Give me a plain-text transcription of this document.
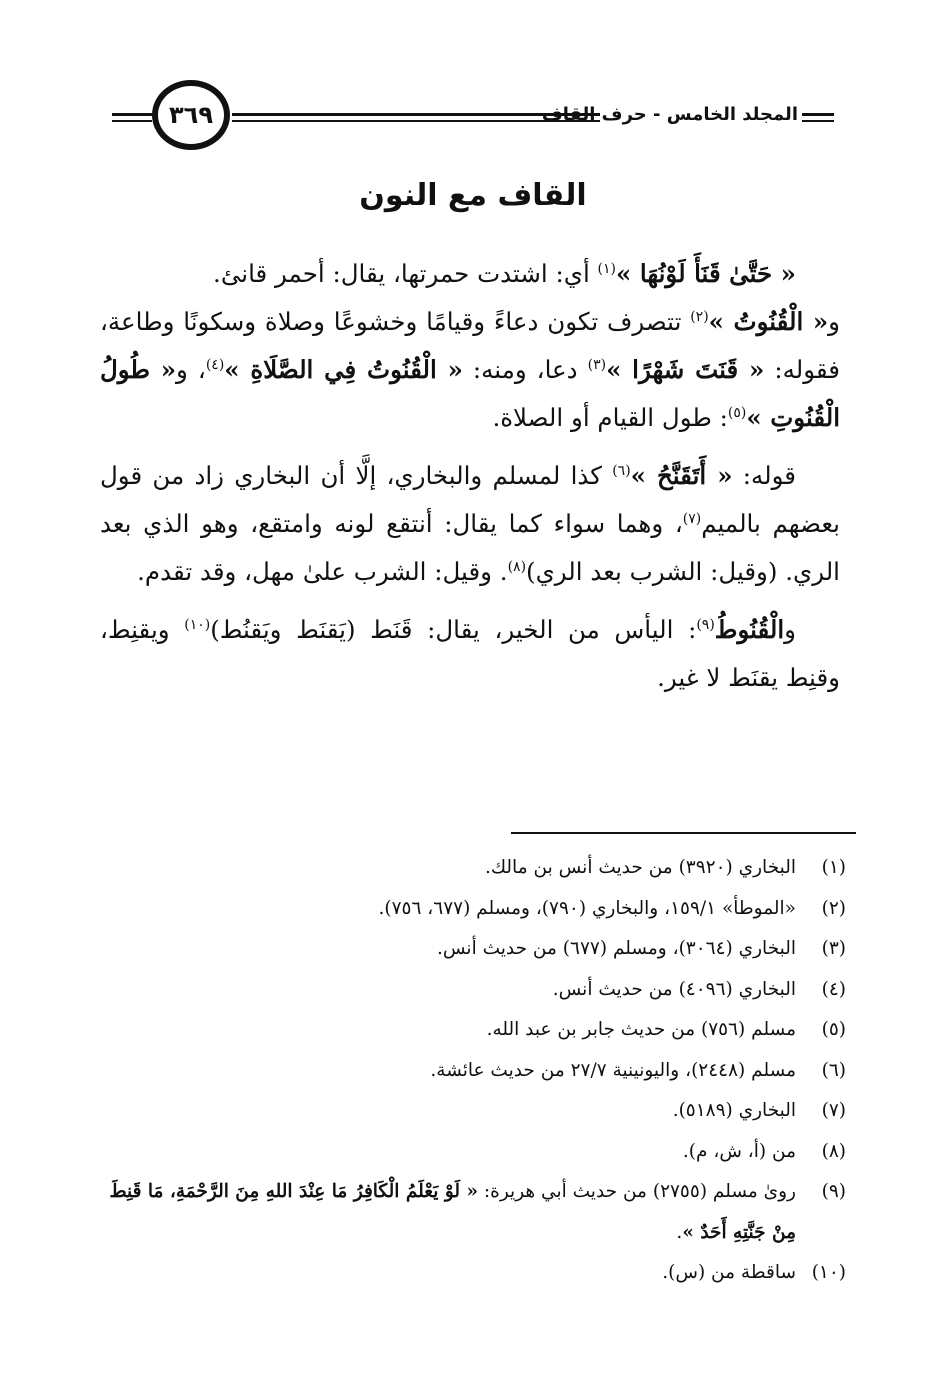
٣٦٩	المجلد الخامس - حرف القاف
القاف مع النون

« حَتَّىٰ قَنَأَ لَوْنُهَا »$^{(١)}$ أي: اشتدت حمرتها، يقال: أحمر قانئ.
و« الْقُنُوتُ »$^{(٢)}$ تتصرف تكون دعاءً وقيامًا وخشوعًا وصلاة وسكونًا وطاعة، فقوله: « قَنَتَ شَهْرًا »$^{(٣)}$ دعا، ومنه: « الْقُنُوتُ فِي الصَّلَاةِ »$^{(٤)}$، و« طُولُ الْقُنُوتِ »$^{(٥)}$: طول القيام أو الصلاة.

قوله: « أَتَقَنَّحُ »$^{(٦)}$ كذا لمسلم والبخاري، إلَّا أن البخاري زاد من قول بعضهم بالميم$^{(٧)}$، وهما سواء كما يقال: أنتقع لونه وامتقع، وهو الذي بعد الري. (وقيل: الشرب بعد الري)$^{(٨)}$. وقيل: الشرب علىٰ مهل، وقد تقدم.

والْقُنُوطُ$^{(٩)}$: اليأس من الخير، يقال: قَنَط (يَقنَط ويَقنُط)$^{(١٠)}$ ويقنِط، وقنِط يقنَط لا غير.

(١)
البخاري (٣٩٢٠) من حديث أنس بن مالك.
(٢)
«الموطأ» ١٥٩/١، والبخاري (٧٩٠)، ومسلم (٦٧٧، ٧٥٦).
(٣)
البخاري (٣٠٦٤)، ومسلم (٦٧٧) من حديث أنس.
(٤)
البخاري (٤٠٩٦) من حديث أنس.
(٥)
مسلم (٧٥٦) من حديث جابر بن عبد الله.
(٦)
مسلم (٢٤٤٨)، واليونينية ٢٧/٧ من حديث عائشة.
(٧)
البخاري (٥١٨٩).
(٨)
من (أ، ش، م).
(٩)
رویٰ مسلم (٢٧٥٥) من حديث أبي هريرة: « لَوْ يَعْلَمُ الْكَافِرُ مَا عِنْدَ اللهِ مِنَ الرَّحْمَةِ، مَا قَنِطَ مِنْ جَنَّتِهِ أَحَدٌ ».
(١٠)
ساقطة من (س).
